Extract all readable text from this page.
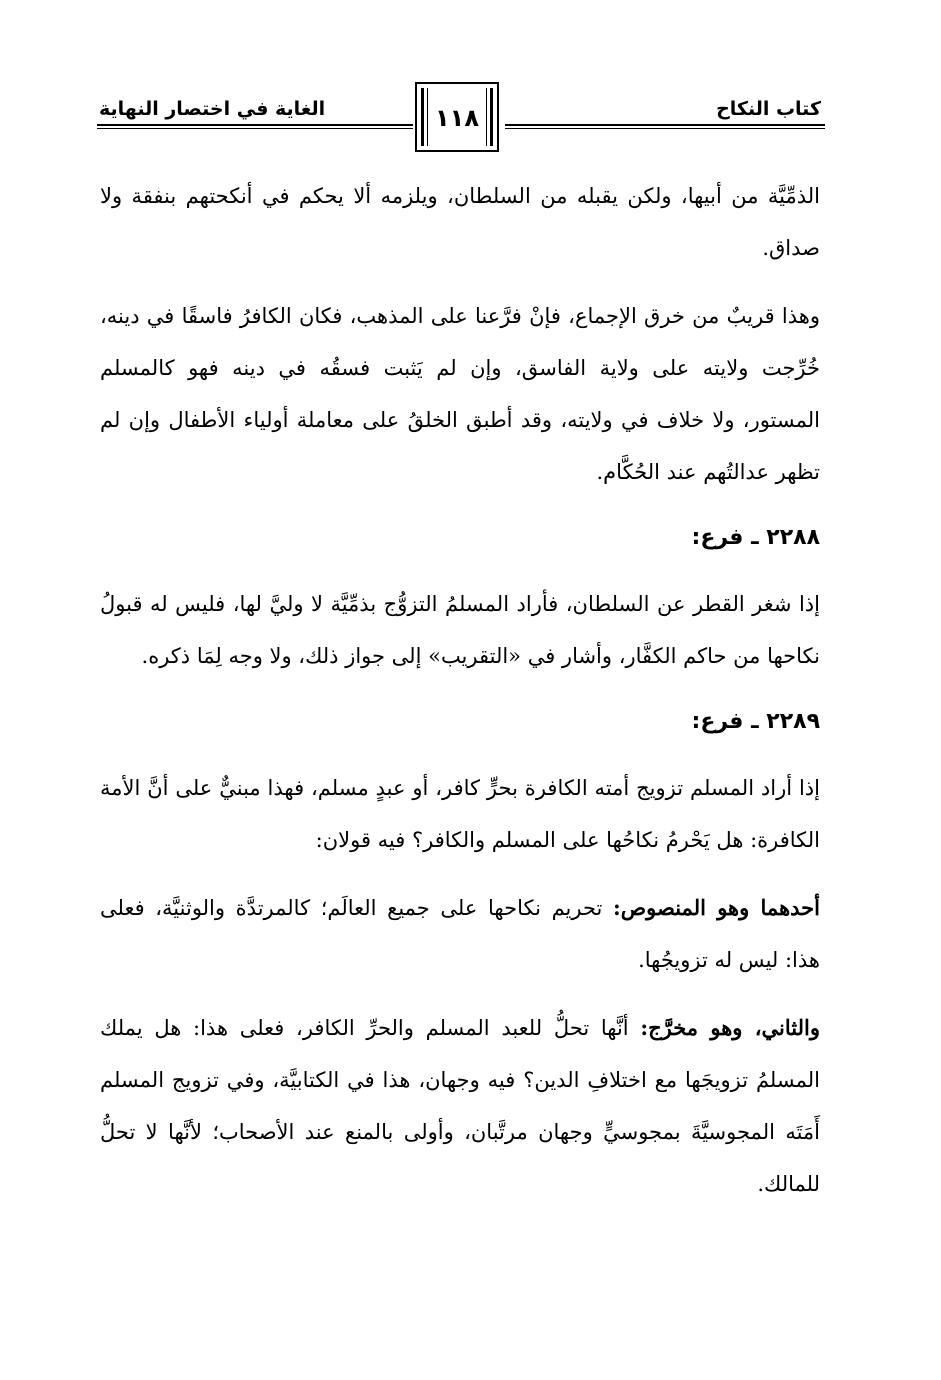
كتاب النكاح
الغاية في اختصار النهاية	١١٨

الذمِّيَّة من أبيها، ولكن يقبله من السلطان، ويلزمه ألا يحكم في أنكحتهم بنفقة ولا صداق.

وهذا قريبٌ من خرق الإجماع، فإنْ فرَّعنا على المذهب، فكان الكافرُ فاسقًا في دينه، خُرِّجت ولايته على ولاية الفاسق، وإن لم يَثبت فسقُه في دينه فهو كالمسلم المستور، ولا خلاف في ولايته، وقد أطبق الخلقُ على معاملة أولياء الأطفال وإن لم تظهر عدالتُهم عند الحُكَّام.

٢٢٨٨ ـ فرع:

إذا شغر القطر عن السلطان، فأراد المسلمُ التزوُّج بذمِّيَّة لا وليَّ لها، فليس له قبولُ نكاحها من حاكم الكفَّار، وأشار في «التقريب» إلى جواز ذلك، ولا وجه لِمَا ذكره.

٢٢٨٩ ـ فرع:

إذا أراد المسلم تزويج أمته الكافرة بحرٍّ كافر، أو عبدٍ مسلم، فهذا مبنيٌّ على أنَّ الأمة الكافرة: هل يَحْرمُ نكاحُها على المسلم والكافر؟ فيه قولان:

أحدهما وهو المنصوص: تحريم نكاحها على جميع العالَم؛ كالمرتدَّة والوثنيَّة، فعلى هذا: ليس له تزويجُها.

والثاني، وهو مخرَّج: أنَّها تحلُّ للعبد المسلم والحرِّ الكافر، فعلى هذا: هل يملك المسلمُ تزويجَها مع اختلافِ الدين؟ فيه وجهان، هذا في الكتابيَّة، وفي تزويج المسلم أَمَتَه المجوسيَّةَ بمجوسيٍّ وجهان مرتَّبان، وأولى بالمنع عند الأصحاب؛ لأنَّها لا تحلُّ للمالك.
